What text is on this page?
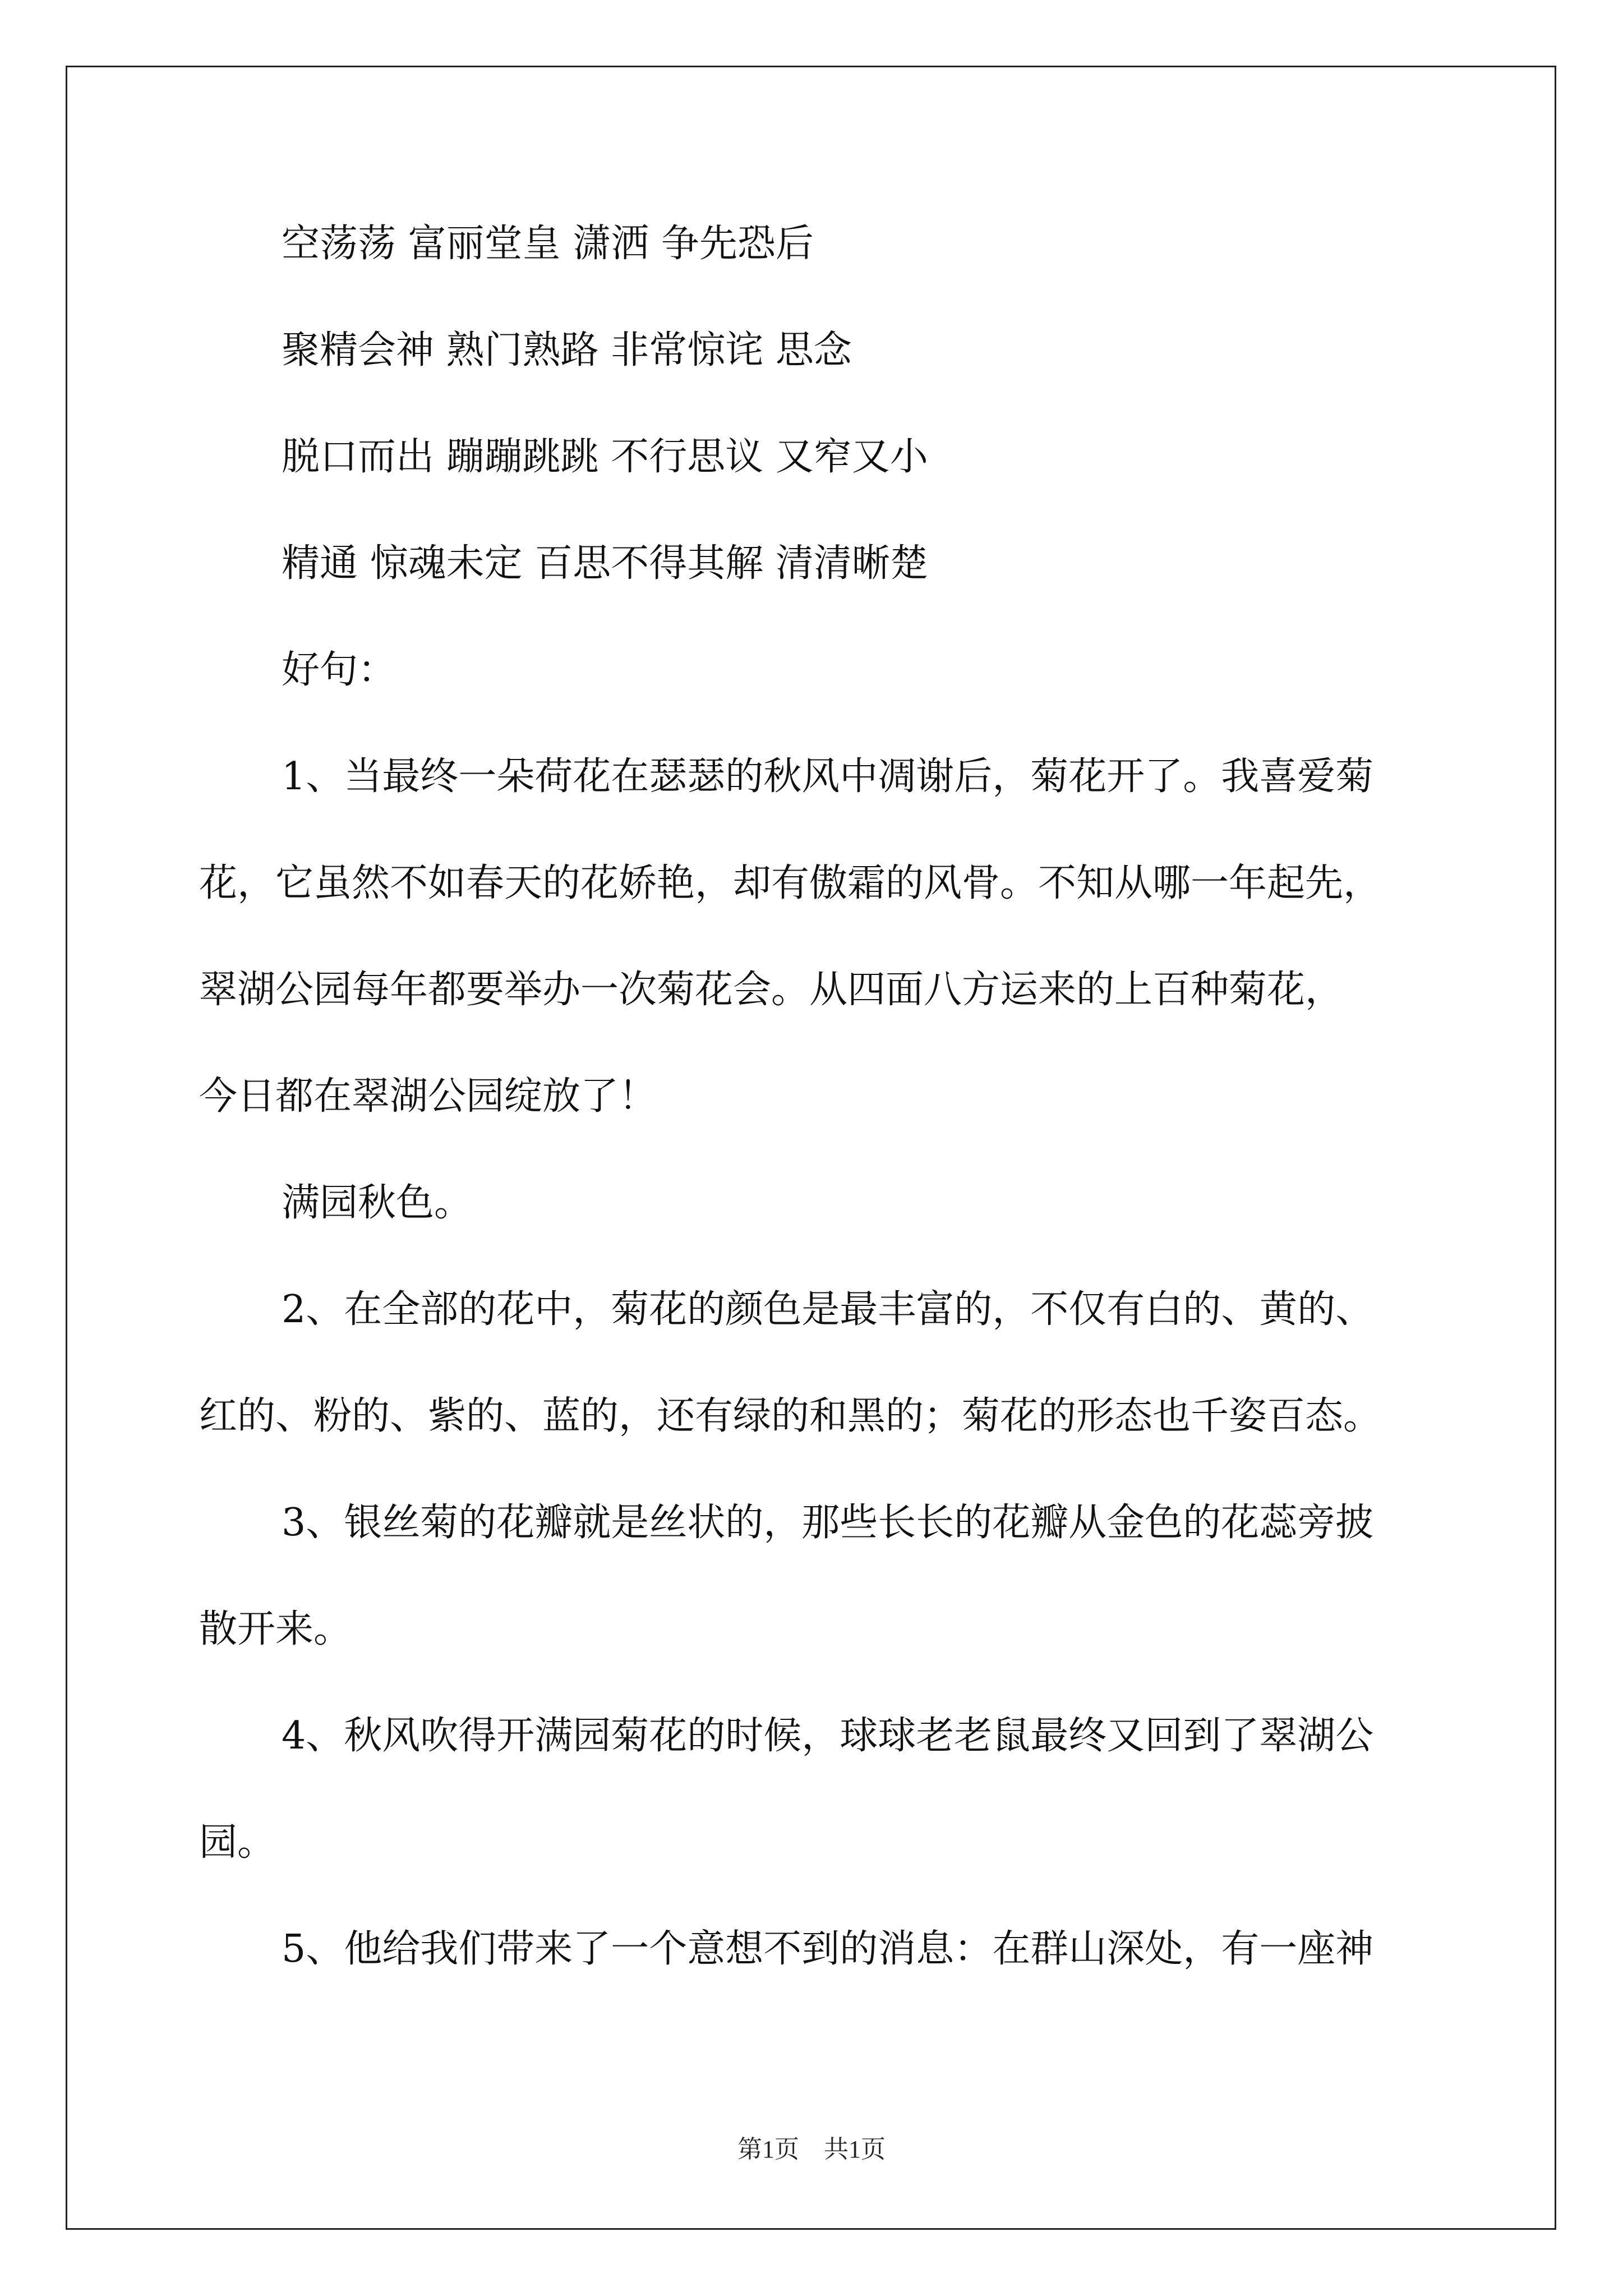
空荡荡 富丽堂皇 潇洒 争先恐后
聚精会神 熟门熟路 非常惊诧 思念
脱口而出 蹦蹦跳跳 不行思议 又窄又小
精通 惊魂未定 百思不得其解 清清晰楚
好句：
1、当最终一朵荷花在瑟瑟的秋风中凋谢后，菊花开了。我喜爱菊
花，它虽然不如春天的花娇艳，却有傲霜的风骨。不知从哪一年起先，
翠湖公园每年都要举办一次菊花会。从四面八方运来的上百种菊花，
今日都在翠湖公园绽放了！
满园秋色。
2、在全部的花中，菊花的颜色是最丰富的，不仅有白的、黄的、
红的、粉的、紫的、蓝的，还有绿的和黑的；菊花的形态也千姿百态。
3、银丝菊的花瓣就是丝状的，那些长长的花瓣从金色的花蕊旁披
散开来。
4、秋风吹得开满园菊花的时候，球球老老鼠最终又回到了翠湖公
园。
5、他给我们带来了一个意想不到的消息：在群山深处，有一座神
第1页　共1页
